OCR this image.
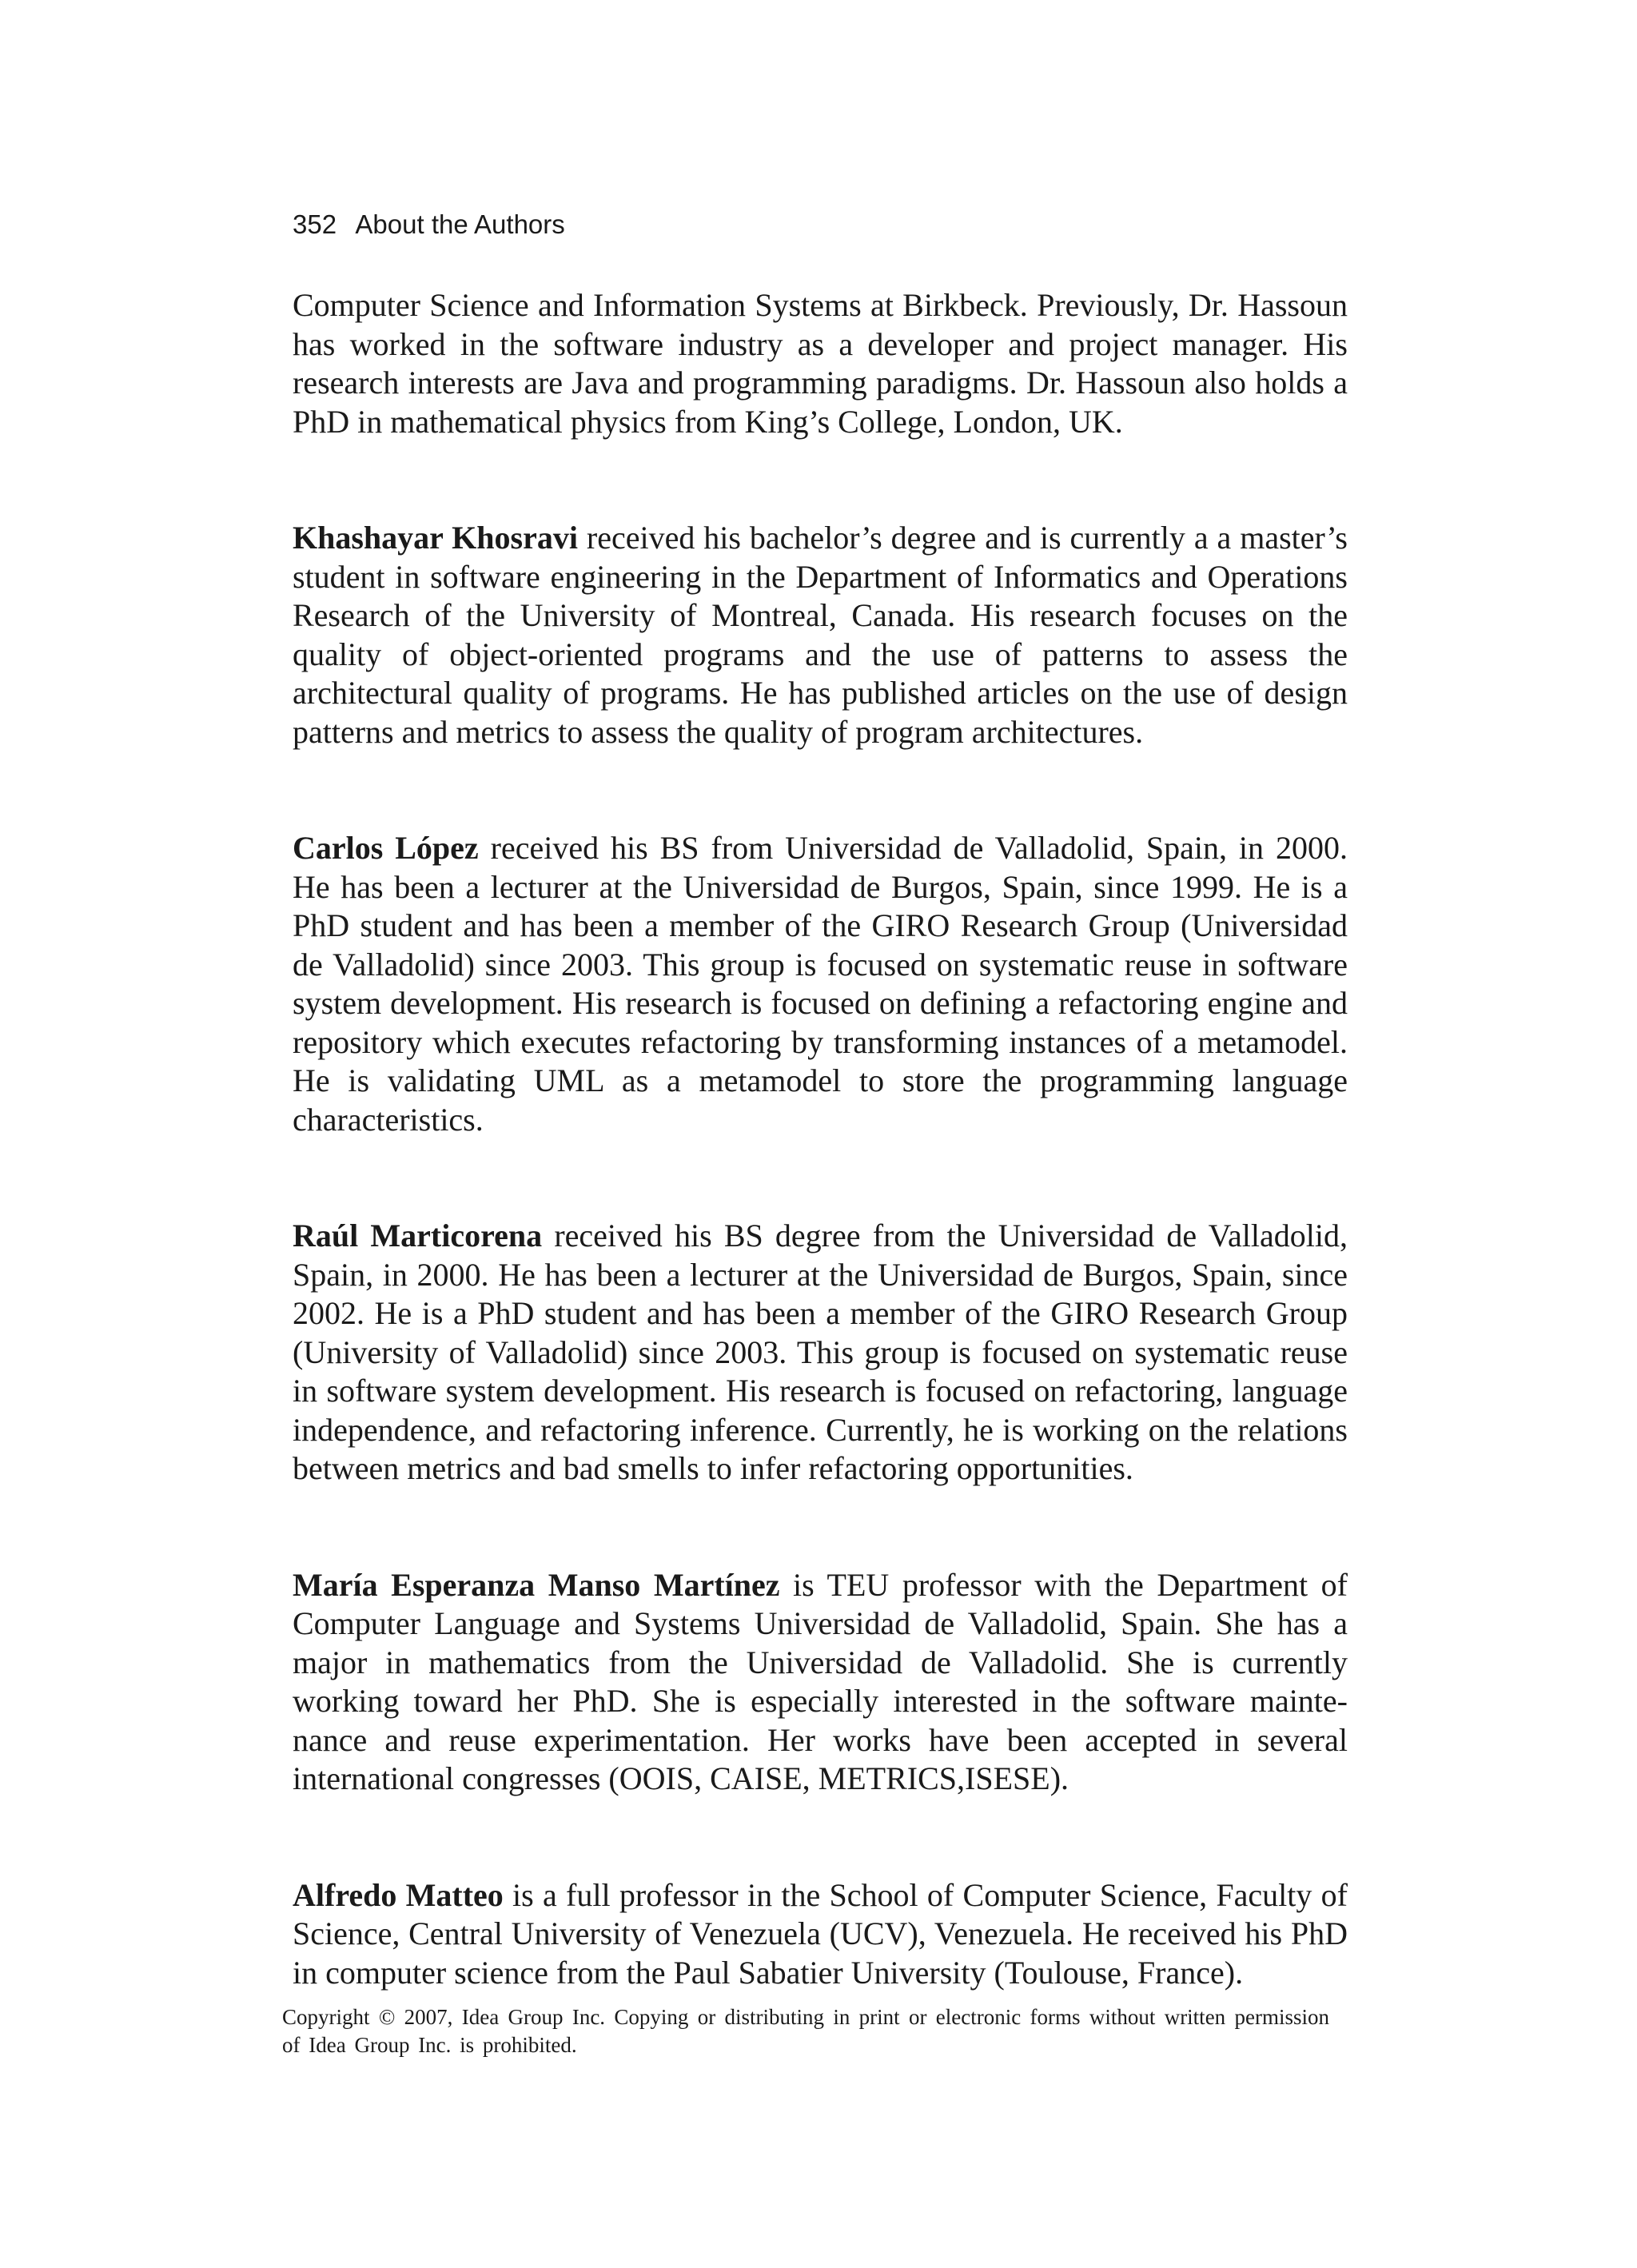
352 About the Authors

Computer Science and Information Systems at Birkbeck. Previously, Dr. Hassoun has worked in the software industry as a developer and project manager. His research interests are Java and programming paradigms. Dr. Hassoun also holds a PhD in mathematical physics from King’s College, London, UK.

Khashayar Khosravi received his bachelor’s degree and is currently a a master’s student in software engineering in the Department of Informatics and Operations Research of the University of Montreal, Canada. His research focuses on the quality of object-oriented programs and the use of patterns to assess the architectural quality of programs. He has published articles on the use of design patterns and metrics to assess the quality of program architectures.

Carlos López received his BS from Universidad de Valladolid, Spain, in 2000. He has been a lecturer at the Universidad de Burgos, Spain, since 1999. He is a PhD student and has been a member of the GIRO Research Group (Universidad de Valladolid) since 2003. This group is focused on systematic reuse in software system development. His research is focused on defining a refactoring engine and repository which executes refactoring by transforming instances of a metamodel. He is validating UML as a metamodel to store the programming language characteristics.

Raúl Marticorena received his BS degree from the Universidad de Valladolid, Spain, in 2000. He has been a lecturer at the Universidad de Burgos, Spain, since 2002. He is a PhD student and has been a member of the GIRO Research Group (University of Valladolid) since 2003. This group is focused on systematic reuse in software system development. His research is focused on refactoring, language independence, and refactoring inference. Currently, he is working on the relations between metrics and bad smells to infer refactoring opportunities.

María Esperanza Manso Martínez is TEU professor with the Department of Computer Language and Systems Universidad de Valladolid, Spain. She has a major in mathematics from the Universidad de Valladolid. She is currently working toward her PhD. She is especially interested in the software mainte-nance and reuse experimentation. Her works have been accepted in several international congresses (OOIS, CAISE, METRICS,ISESE).

Alfredo Matteo is a full professor in the School of Computer Science, Faculty of Science, Central University of Venezuela (UCV), Venezuela. He received his PhD in computer science from the Paul Sabatier University (Toulouse, France).

Copyright © 2007, Idea Group Inc. Copying or distributing in print or electronic forms without written permission of Idea Group Inc. is prohibited.
